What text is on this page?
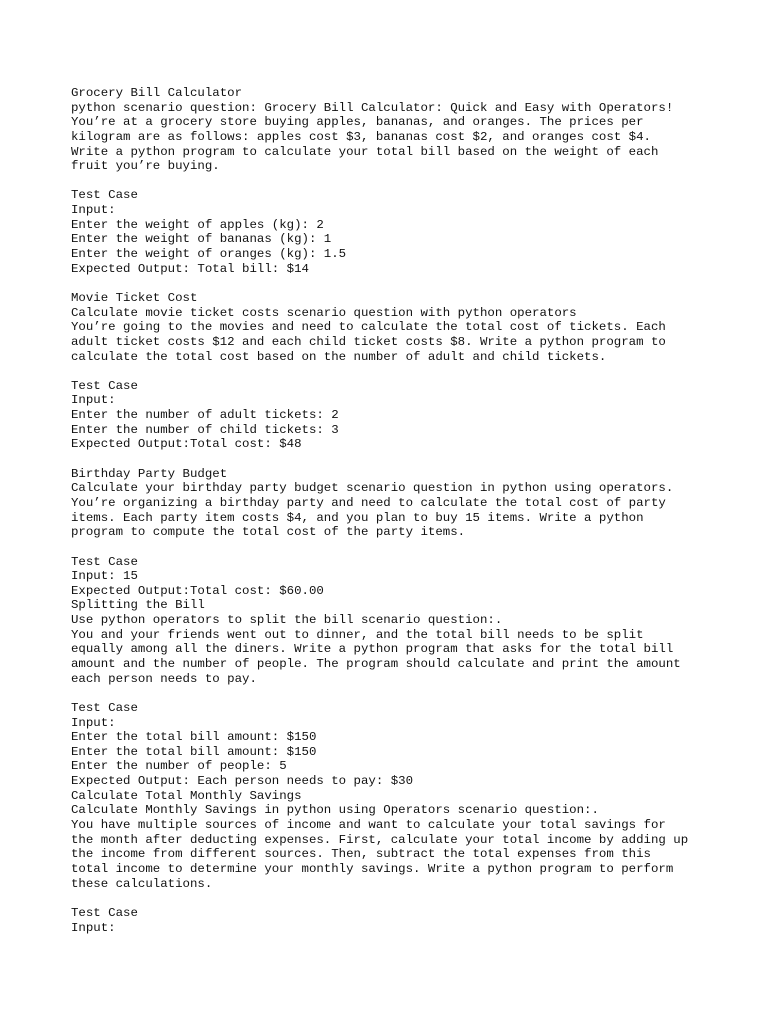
Grocery Bill Calculator
python scenario question: Grocery Bill Calculator: Quick and Easy with Operators!
You’re at a grocery store buying apples, bananas, and oranges. The prices per
kilogram are as follows: apples cost $3, bananas cost $2, and oranges cost $4.
Write a python program to calculate your total bill based on the weight of each
fruit you’re buying.
Test Case
Input:
Enter the weight of apples (kg): 2
Enter the weight of bananas (kg): 1
Enter the weight of oranges (kg): 1.5
Expected Output: Total bill: $14
Movie Ticket Cost
Calculate movie ticket costs scenario question with python operators
You’re going to the movies and need to calculate the total cost of tickets. Each
adult ticket costs $12 and each child ticket costs $8. Write a python program to
calculate the total cost based on the number of adult and child tickets.
Test Case
Input:
Enter the number of adult tickets: 2
Enter the number of child tickets: 3
Expected Output:Total cost: $48
Birthday Party Budget
Calculate your birthday party budget scenario question in python using operators.
You’re organizing a birthday party and need to calculate the total cost of party
items. Each party item costs $4, and you plan to buy 15 items. Write a python
program to compute the total cost of the party items.
Test Case
Input: 15
Expected Output:Total cost: $60.00
Splitting the Bill
Use python operators to split the bill scenario question:.
You and your friends went out to dinner, and the total bill needs to be split
equally among all the diners. Write a python program that asks for the total bill
amount and the number of people. The program should calculate and print the amount
each person needs to pay.
Test Case
Input:
Enter the total bill amount: $150
Enter the total bill amount: $150
Enter the number of people: 5
Expected Output: Each person needs to pay: $30
Calculate Total Monthly Savings
Calculate Monthly Savings in python using Operators scenario question:.
You have multiple sources of income and want to calculate your total savings for
the month after deducting expenses. First, calculate your total income by adding up
the income from different sources. Then, subtract the total expenses from this
total income to determine your monthly savings. Write a python program to perform
these calculations.
Test Case
Input:
